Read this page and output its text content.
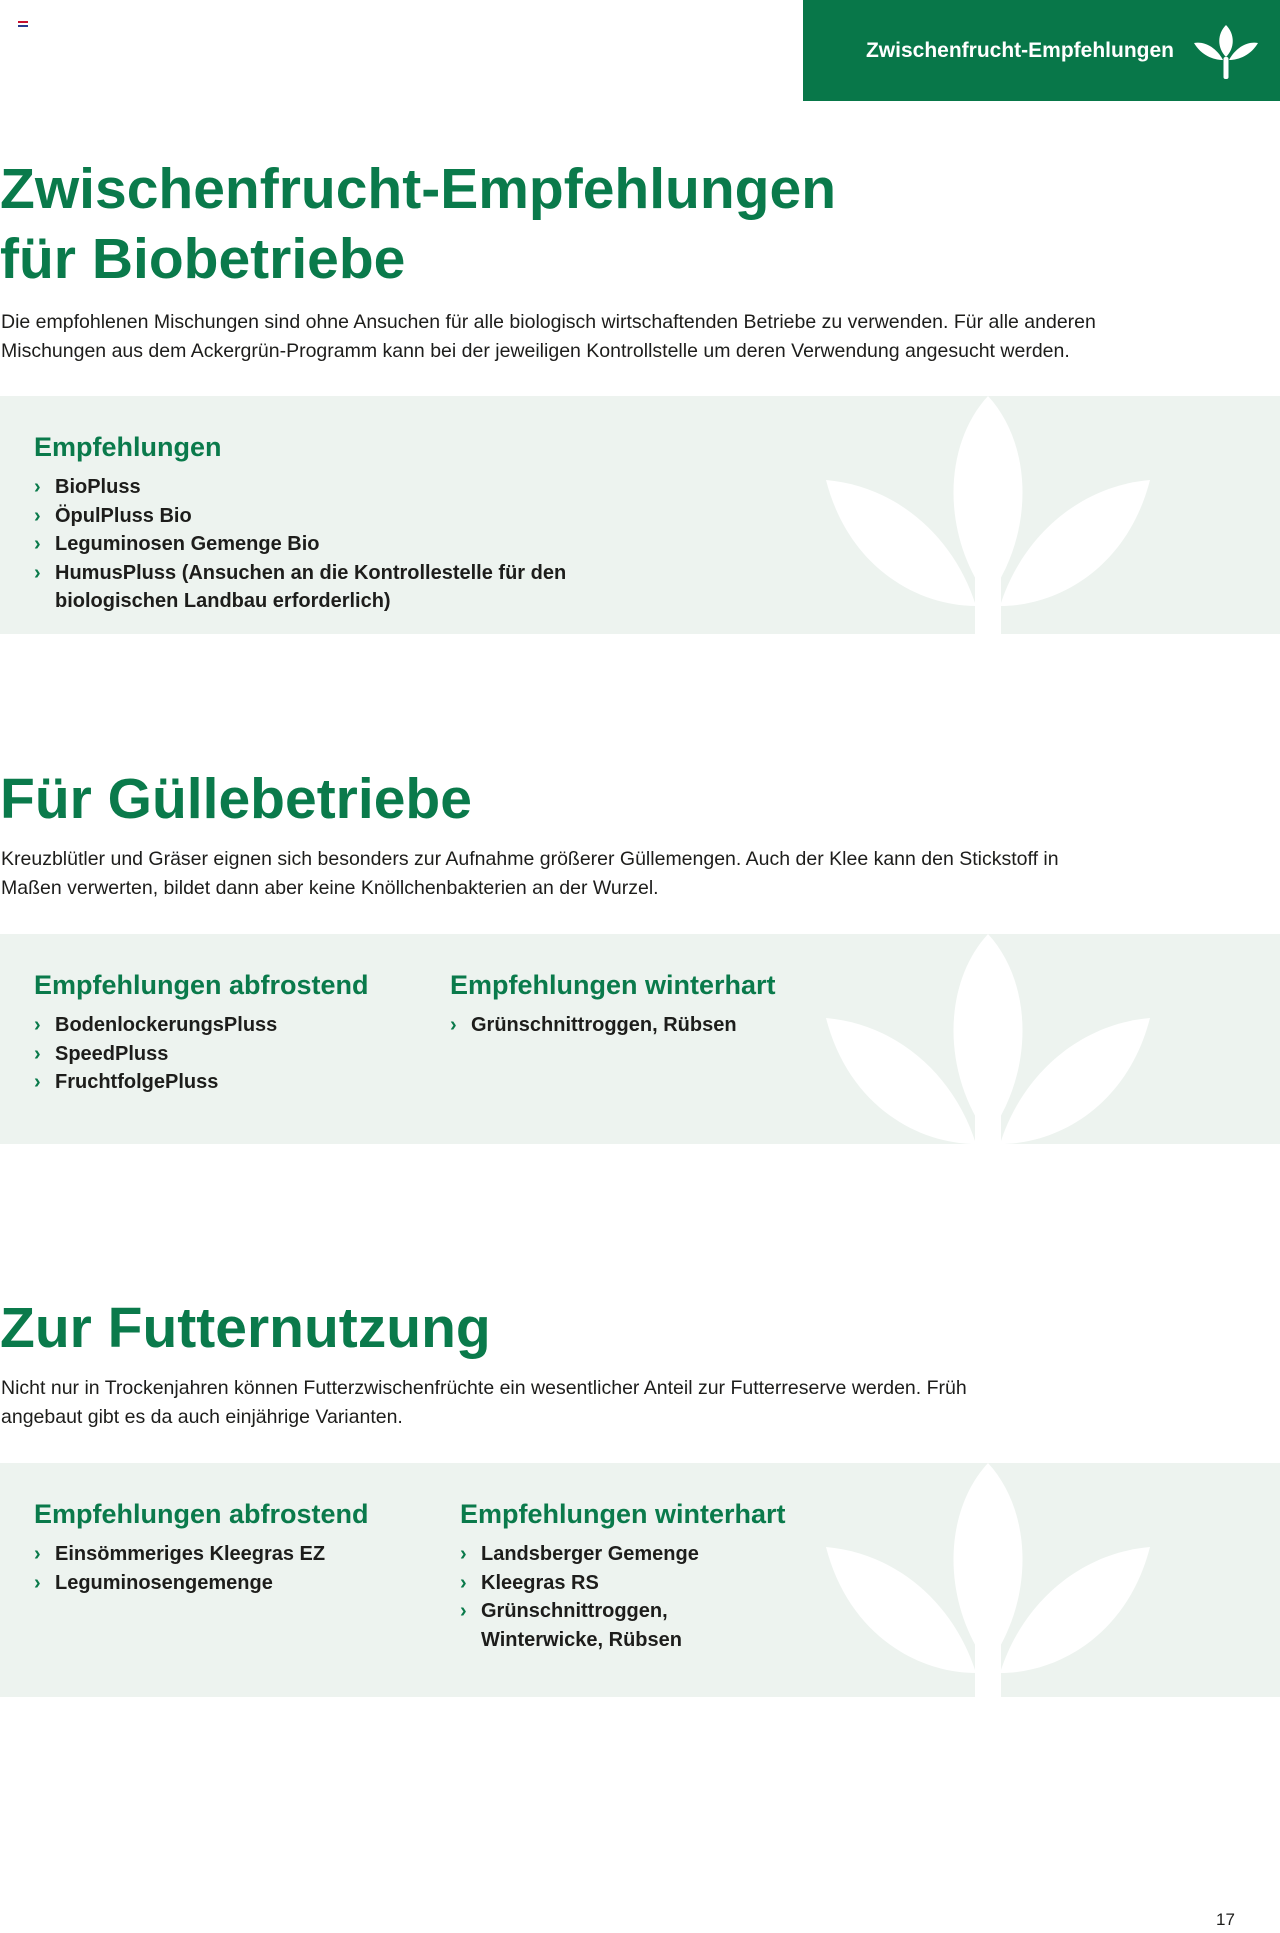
Zwischenfrucht-Empfehlungen
Zwischenfrucht-Empfehlungen
für Biobetriebe

Die empfohlenen Mischungen sind ohne Ansuchen für alle biologisch wirtschaftenden Betriebe zu verwenden. Für alle anderen Mischungen aus dem Ackergrün-Programm kann bei der jeweiligen Kontrollstelle um deren Verwendung angesucht werden.

Empfehlungen
› BioPluss
› ÖpulPluss Bio
› Leguminosen Gemenge Bio
› HumusPluss (Ansuchen an die Kontrollestelle für den biologischen Landbau erforderlich)
Für Güllebetriebe

Kreuzblütler und Gräser eignen sich besonders zur Aufnahme größerer Güllemengen. Auch der Klee kann den Stickstoff in Maßen verwerten, bildet dann aber keine Knöllchenbakterien an der Wurzel.

Empfehlungen abfrostend
› BodenlockerungsPluss
› SpeedPluss
› FruchtfolgePluss
Empfehlungen winterhart
› Grünschnittroggen, Rübsen
Zur Futternutzung

Nicht nur in Trockenjahren können Futterzwischenfrüchte ein wesentlicher Anteil zur Futterreserve werden. Früh angebaut gibt es da auch einjährige Varianten.

Empfehlungen abfrostend
› Einsömmeriges Kleegras EZ
› Leguminosengemenge
Empfehlungen winterhart
› Landsberger Gemenge
› Kleegras RS
› Grünschnittroggen, Winterwicke, Rübsen
17
